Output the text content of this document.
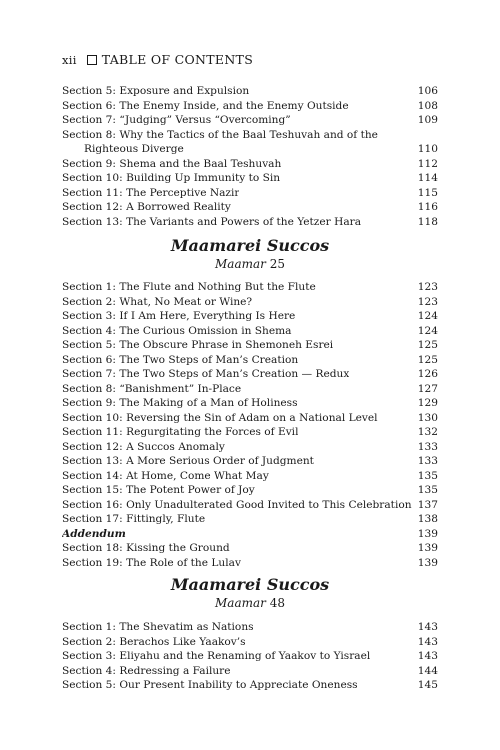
xii TABLE OF CONTENTS
Section 5: Exposure and Expulsion	106
Section 6: The Enemy Inside, and the Enemy Outside	108
Section 7: “Judging” Versus “Overcoming”	109
Section 8: Why the Tactics of the Baal Teshuvah and of the
Righteous Diverge	110
Section 9: Shema and the Baal Teshuvah	112
Section 10: Building Up Immunity to Sin	114
Section 11: The Perceptive Nazir	115
Section 12: A Borrowed Reality	116
Section 13: The Variants and Powers of the Yetzer Hara	118
Maamarei Succos
Maamar 25
Section 1: The Flute and Nothing But the Flute	123
Section 2: What, No Meat or Wine?	123
Section 3: If I Am Here, Everything Is Here	124
Section 4: The Curious Omission in Shema	124
Section 5: The Obscure Phrase in Shemoneh Esrei	125
Section 6: The Two Steps of Man’s Creation	125
Section 7: The Two Steps of Man’s Creation — Redux	126
Section 8: “Banishment” In-Place	127
Section 9: The Making of a Man of Holiness	129
Section 10: Reversing the Sin of Adam on a National Level	130
Section 11: Regurgitating the Forces of Evil	132
Section 12: A Succos Anomaly	133
Section 13: A More Serious Order of Judgment	133
Section 14: At Home, Come What May	135
Section 15: The Potent Power of Joy	135
Section 16: Only Unadulterated Good Invited to This Celebration 137
Section 17: Fittingly, Flute	138
Addendum	139
Section 18: Kissing the Ground	139
Section 19: The Role of the Lulav	139
Maamarei Succos
Maamar 48
Section 1: The Shevatim as Nations	143
Section 2: Berachos Like Yaakov’s	143
Section 3: Eliyahu and the Renaming of Yaakov to Yisrael	143
Section 4: Redressing a Failure	144
Section 5: Our Present Inability to Appreciate Oneness	145
